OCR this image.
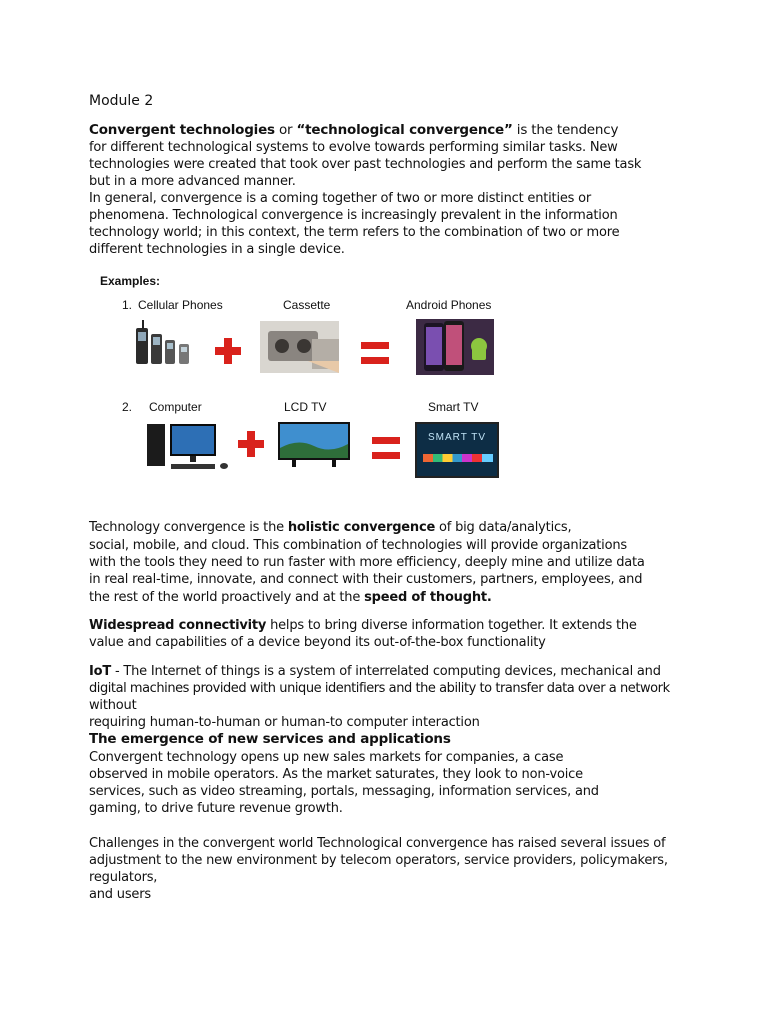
Module 2
Convergent technologies or “technological convergence” is the tendency
for different technological systems to evolve towards performing similar tasks. New
technologies were created that took over past technologies and perform the same task
but in a more advanced manner.
In general, convergence is a coming together of two or more distinct entities or
phenomena. Technological convergence is increasingly prevalent in the information
technology world; in this context, the term refers to the combination of two or more
different technologies in a single device.
Examples:
1. Cellular Phones	Cassette	Android Phones
2. Computer	LCD TV	Smart TV
SMART TV
Technology convergence is the holistic convergence of big data/analytics,
social, mobile, and cloud. This combination of technologies will provide organizations
with the tools they need to run faster with more efficiency, deeply mine and utilize data
in real real-time, innovate, and connect with their customers, partners, employees, and
the rest of the world proactively and at the speed of thought.
Widespread connectivity helps to bring diverse information together. It extends the
value and capabilities of a device beyond its out-of-the-box functionality
IoT - The Internet of things is a system of interrelated computing devices, mechanical and
digital machines provided with unique identifiers and the ability to transfer data over a network
without
requiring human-to-human or human-to computer interaction
The emergence of new services and applications
Convergent technology opens up new sales markets for companies, a case
observed in mobile operators. As the market saturates, they look to non-voice
services, such as video streaming, portals, messaging, information services, and
gaming, to drive future revenue growth.
Challenges in the convergent world Technological convergence has raised several issues of
adjustment to the new environment by telecom operators, service providers, policymakers,
regulators,
and users
